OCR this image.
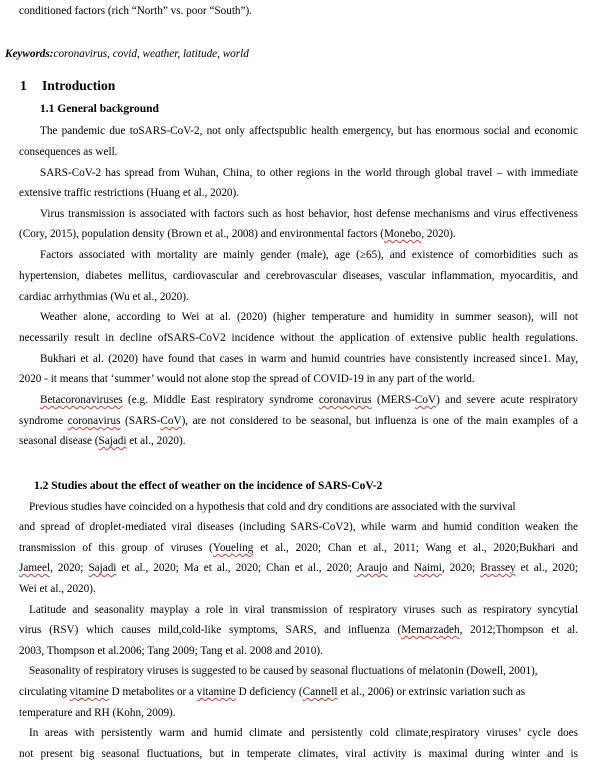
conditioned factors (rich “North” vs. poor “South”).
Keywords:coronavirus, covid, weather, latitude, world
1 Introduction
1.1 General background
The pandemic due toSARS-CoV-2, not only affectspublic health emergency, but has enormous social and economic
consequences as well.
SARS-CoV-2 has spread from Wuhan, China, to other regions in the world through global travel – with immediate
extensive traffic restrictions (Huang et al., 2020).
Virus transmission is associated with factors such as host behavior, host defense mechanisms and virus effectiveness
(Cory, 2015), population density (Brown et al., 2008) and environmental factors (Monebo, 2020).
Factors associated with mortality are mainly gender (male), age (≥65), and existence of comorbidities such as
hypertension, diabetes mellitus, cardiovascular and cerebrovascular diseases, vascular inflammation, myocarditis, and
cardiac arrhythmias (Wu et al., 2020).
Weather alone, according to Wei at al. (2020) (higher temperature and humidity in summer season), will not
necessarily result in decline ofSARS-CoV2 incidence without the application of extensive public health regulations.
Bukhari et al. (2020) have found that cases in warm and humid countries have consistently increased since1. May,
2020 - it means that ‘summer’ would not alone stop the spread of COVID-19 in any part of the world.
Betacoronaviruses (e.g. Middle East respiratory syndrome coronavirus (MERS-CoV) and severe acute respiratory
syndrome coronavirus (SARS-CoV), are not considered to be seasonal, but influenza is one of the main examples of a
seasonal disease (Sajadi et al., 2020).
1.2 Studies about the effect of weather on the incidence of SARS-CoV-2
Previous studies have coincided on a hypothesis that cold and dry conditions are associated with the survival
and spread of droplet-mediated viral diseases (including SARS-CoV2), while warm and humid condition weaken the
transmission of this group of viruses (Youeling et al., 2020; Chan et al., 2011; Wang et al., 2020;Bukhari and
Jameel, 2020; Sajadi et al., 2020; Ma et al., 2020; Chan et al., 2020; Araujo and Naimi, 2020; Brassey et al., 2020;
Wei et al., 2020).
Latitude and seasonality mayplay a role in viral transmission of respiratory viruses such as respiratory syncytial
virus (RSV) which causes mild,cold-like symptoms, SARS, and influenza (Memarzadeh, 2012;Thompson et al.
2003, Thompson et al.2006; Tang 2009; Tang et al. 2008 and 2010).
Seasonality of respiratory viruses is suggested to be caused by seasonal fluctuations of melatonin (Dowell, 2001),
circulating vitamine D metabolites or a vitamine D deficiency (Cannell et al., 2006) or extrinsic variation such as
temperature and RH (Kohn, 2009).
In areas with persistently warm and humid climate and persistently cold climate,respiratory viruses’ cycle does
not present big seasonal fluctuations, but in temperate climates, viral activity is maximal during winter and is
